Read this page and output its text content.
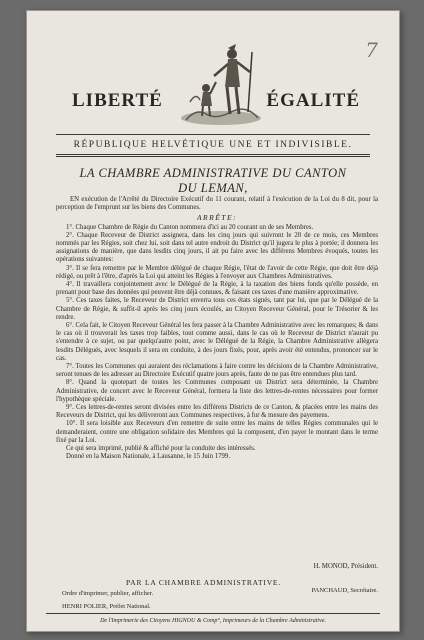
7
LIBERTÉ	ÉGALITÉ
RÉPUBLIQUE HELVÉTIQUE UNE ET INDIVISIBLE.
LA CHAMBRE ADMINISTRATIVE DU CANTON
DU LEMAN,

EN exécution de l'Arrêté du Directoire Exécutif du 11 courant, relatif à l'exécution de la Loi du 8 dit, pour la perception de l'emprunt sur les biens des Communes.

ARRÊTE:

1°. Chaque Chambre de Régie du Canton nommera d'ici au 20 courant un de ses Membres.

2°. Chaque Receveur de District assignera, dans les cinq jours qui suivront le 20 de ce mois, ces Membres nommés par les Régies, soit chez lui, soit dans tel autre endroit du District qu'il jugera le plus à portée; il donnera les assignations de manière, que dans lesdits cinq jours, il ait pu faire avec les différens Membres évoqués, toutes les opérations suivantes:

3°. Il se fera remettre par le Membre délégué de chaque Régie, l'état de l'avoir de cette Régie, que doit être déjà rédigé, ou prêt à l'être, d'après la Loi qui atteint les Régies à l'envoyer aux Chambres Administratives.

4°. Il travaillera conjointement avec le Délégué de la Régie, à la taxation des biens fonds qu'elle possède, en prenant pour base des données qui peuvent être déjà connues, & faisant ces taxes d'une manière approximative.

5°. Ces taxes faites, le Receveur de District enverra tous ces états signés, tant par lui, que par le Délégué de la Chambre de Régie, & suffit-il après les cinq jours écoulés, au Citoyen Receveur Général, pour le Trésorier & les rendre.

6°. Cela fait, le Citoyen Receveur Général les fera passer à la Chambre Administrative avec les remarques; & dans le cas où il trouverait les taxes trop faibles, tout comme aussi, dans le cas où le Receveur de District n'aurait pu s'entendre à ce sujet, ou par quelqu'autre point, avec le Délégué de la Régie, la Chambre Administrative allègera lesdits Délégués, avec lesquels il sera en conduite, à des jours fixés, pour, après avoir été entendus, prononcer sur le cas.

7°. Toutes les Communes qui auraient des réclamations à faire contre les décisions de la Chambre Administrative, seront tenues de les adresser au Directoire Exécutif quatre jours après, faute de ne pas être entendues plus tard.

8°. Quand la quotepart de toutes les Communes composant un District sera déterminée, la Chambre Administrative, de concert avec le Receveur Général, formera la liste des lettres-de-rentes nécessaires pour former l'hypothèque spéciale.

9°. Ces lettres-de-rentes seront divisées entre les différens Districts de ce Canton, & placées entre les mains des Receveurs de District, qui les délivreront aux Communes respectives, à fur & mesure des payemens.

10°. Il sera loisible aux Receveurs d'en remettre de suite entre les mains de telles Régies communales qui le demanderaient, contre une obligation solidaire des Membres qui la composent, d'en payer le montant dans le terme fixé par la Loi.

Ce qui sera imprimé, publié & affiché pour la conduite des intéressés.

Donné en la Maison Nationale, à Lausanne, le 15 Juin 1799.

H. MONOD, Président.
PAR LA CHAMBRE ADMINISTRATIVE.
PANCHAUD, Secrétaire.
Ordre d'imprimer, publier, afficher.
HENRI POLIER, Préfet National.
De l'Imprimerie des Citoyens HIGNOU & Comp°, Imprimeurs de la Chambre Administrative.
